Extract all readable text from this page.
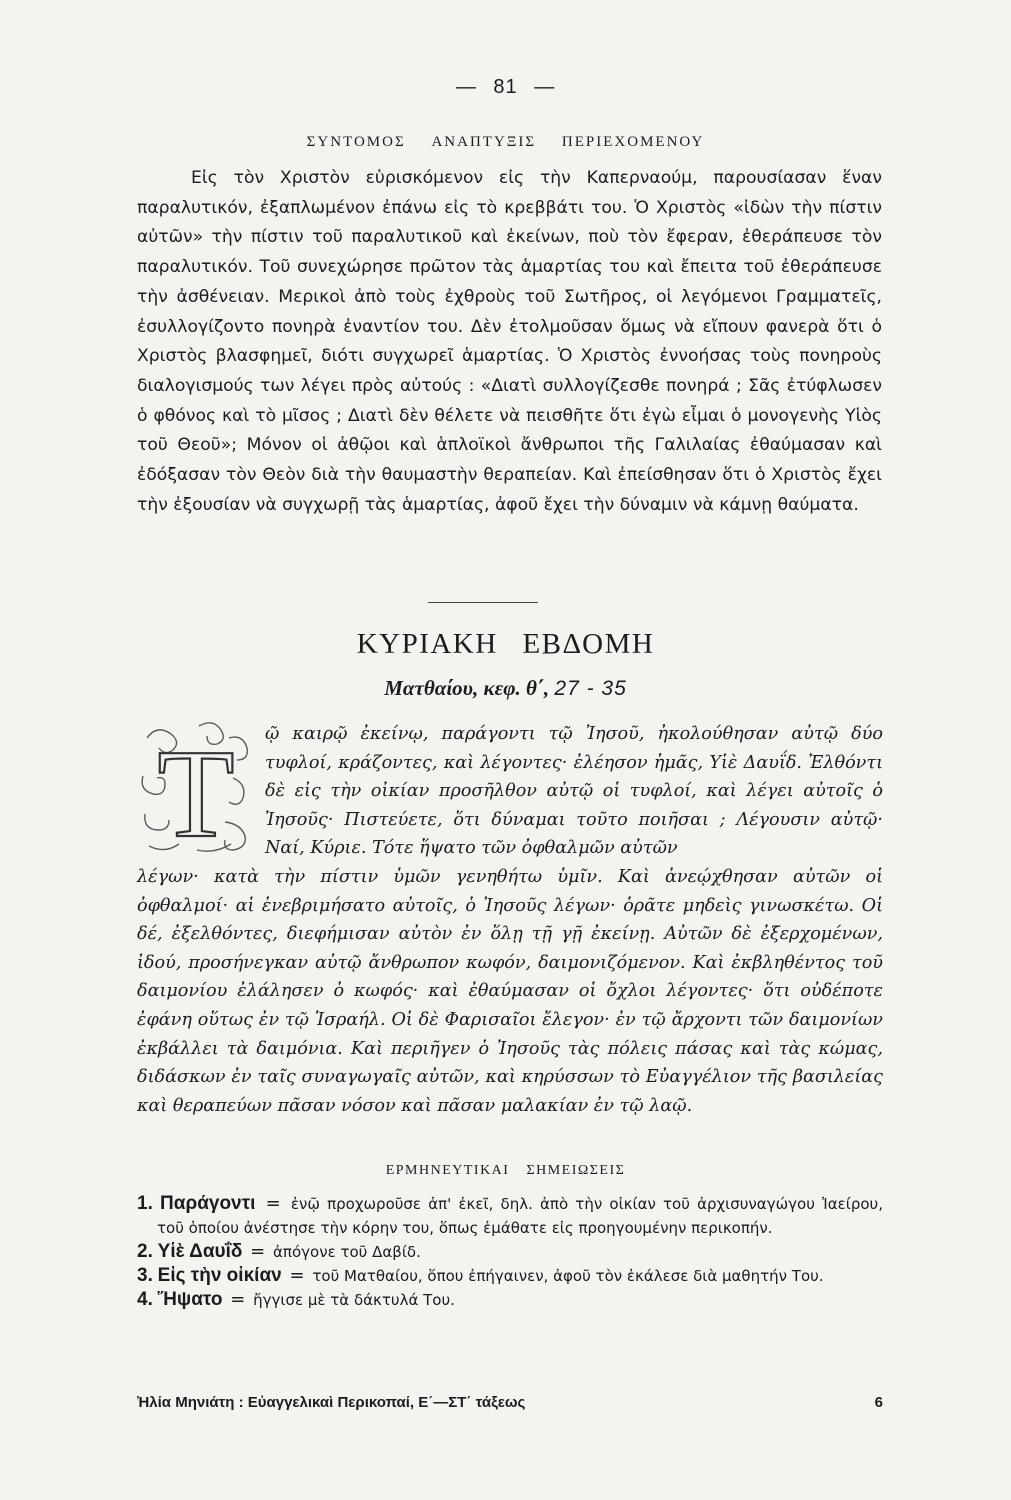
— 81 —
ΣΥΝΤΟΜΟΣ ΑΝΑΠΤΥΞΙΣ ΠΕΡΙΕΧΟΜΕΝΟΥ
Εἰς τὸν Χριστὸν εὑρισκόμενον εἰς τὴν Καπερναούμ, παρουσίασαν ἕναν παραλυτικόν, ἐξαπλωμένον ἐπάνω εἰς τὸ κρεββάτι του. Ὁ Χριστὸς «ἰδὼν τὴν πίστιν αὐτῶν» τὴν πίστιν τοῦ παραλυτικοῦ καὶ ἐκείνων, ποὺ τὸν ἔφεραν, ἐθεράπευσε τὸν παραλυτικόν. Τοῦ συνεχώρησε πρῶτον τὰς ἁμαρτίας του καὶ ἔπειτα τοῦ ἐθεράπευσε τὴν ἀσθένειαν. Μερικοὶ ἀπὸ τοὺς ἐχθροὺς τοῦ Σωτῆρος, οἱ λεγόμενοι Γραμματεῖς, ἐσυλλογίζοντο πονηρὰ ἐναντίον του. Δὲν ἐτολμοῦσαν ὅμως νὰ εἴπουν φανερὰ ὅτι ὁ Χριστὸς βλασφημεῖ, διότι συγχωρεῖ ἁμαρτίας. Ὁ Χριστὸς ἐννοήσας τοὺς πονηροὺς διαλογισμούς των λέγει πρὸς αὐτούς : «Διατὶ συλλογίζεσθε πονηρά ; Σᾶς ἐτύφλωσεν ὁ φθόνος καὶ τὸ μῖσος ; Διατὶ δὲν θέλετε νὰ πεισθῆτε ὅτι ἐγὼ εἶμαι ὁ μονογενὴς Υἱὸς τοῦ Θεοῦ»; Μόνον οἱ ἀθῷοι καὶ ἁπλοϊκοὶ ἄνθρωποι τῆς Γαλιλαίας ἐθαύμασαν καὶ ἐδόξασαν τὸν Θεὸν διὰ τὴν θαυμαστὴν θεραπείαν. Καὶ ἐπείσθησαν ὅτι ὁ Χριστὸς ἔχει τὴν ἐξουσίαν νὰ συγχωρῇ τὰς ἁμαρτίας, ἀφοῦ ἔχει τὴν δύναμιν νὰ κάμνῃ θαύματα.
ΚΥΡΙΑΚΗ ΕΒΔΟΜΗ
Ματθαίου, κεφ. θ΄, 27 - 35
T ῷ καιρῷ ἐκείνῳ, παράγοντι τῷ Ἰησοῦ, ἠκολούθησαν αὐτῷ δύο τυφλοί, κράζοντες, καὶ λέγοντες· ἐλέησον ἡμᾶς, Υἱὲ Δαυΐδ. Ἐλθόντι δὲ εἰς τὴν οἰκίαν προσῆλθον αὐτῷ οἱ τυφλοί, καὶ λέγει αὐτοῖς ὁ Ἰησοῦς· Πιστεύετε, ὅτι δύναμαι τοῦτο ποιῆσαι ; Λέγουσιν αὐτῷ· Ναί, Κύριε. Τότε ἥψατο τῶν ὀφθαλμῶν αὐτῶν
λέγων· κατὰ τὴν πίστιν ὑμῶν γενηθήτω ὑμῖν. Καὶ ἀνεῴχθησαν αὐτῶν οἱ ὀφθαλμοί· αἱ ἐνεβριμήσατο αὐτοῖς, ὁ Ἰησοῦς λέγων· ὁρᾶτε μηδεὶς γινωσκέτω. Οἱ δέ, ἐξελθόντες, διεφήμισαν αὐτὸν ἐν ὅλῃ τῇ γῇ ἐκείνῃ. Αὐτῶν δὲ ἐξερχομένων, ἰδού, προσήνεγκαν αὐτῷ ἄνθρωπον κωφόν, δαιμονιζόμενον. Καὶ ἐκβληθέντος τοῦ δαιμονίου ἐλάλησεν ὁ κωφός· καὶ ἐθαύμασαν οἱ ὄχλοι λέγοντες· ὅτι οὐδέποτε ἐφάνη οὕτως ἐν τῷ Ἰσραήλ. Οἱ δὲ Φαρισαῖοι ἔλεγον· ἐν τῷ ἄρχοντι τῶν δαιμονίων ἐκβάλλει τὰ δαιμόνια. Καὶ περιῆγεν ὁ Ἰησοῦς τὰς πόλεις πάσας καὶ τὰς κώμας, διδάσκων ἐν ταῖς συναγωγαῖς αὐτῶν, καὶ κηρύσσων τὸ Εὐαγγέλιον τῆς βασιλείας καὶ θεραπεύων πᾶσαν νόσον καὶ πᾶσαν μαλακίαν ἐν τῷ λαῷ.
ΕΡΜΗΝΕΥΤΙΚΑΙ ΣΗΜΕΙΩΣΕΙΣ

1. Παράγοντι = ἐνῷ προχωροῦσε ἀπ' ἐκεῖ, δηλ. ἀπὸ τὴν οἰκίαν τοῦ ἀρχισυναγώγου Ἰαείρου, τοῦ ὁποίου ἀνέστησε τὴν κόρην του, ὅπως ἐμάθατε εἰς προηγουμένην περικοπήν.

2. Υἱὲ Δαυΐδ = ἀπόγονε τοῦ Δαβίδ.

3. Εἰς τὴν οἰκίαν = τοῦ Ματθαίου, ὅπου ἐπήγαινεν, ἀφοῦ τὸν ἐκάλεσε διὰ μαθητήν Του.

4. Ἥψατο = ἤγγισε μὲ τὰ δάκτυλά Του.

Ἠλία Μηνιάτη : Εὐαγγελικαὶ Περικοπαί, Ε΄—ΣΤ΄ τάξεως	6
